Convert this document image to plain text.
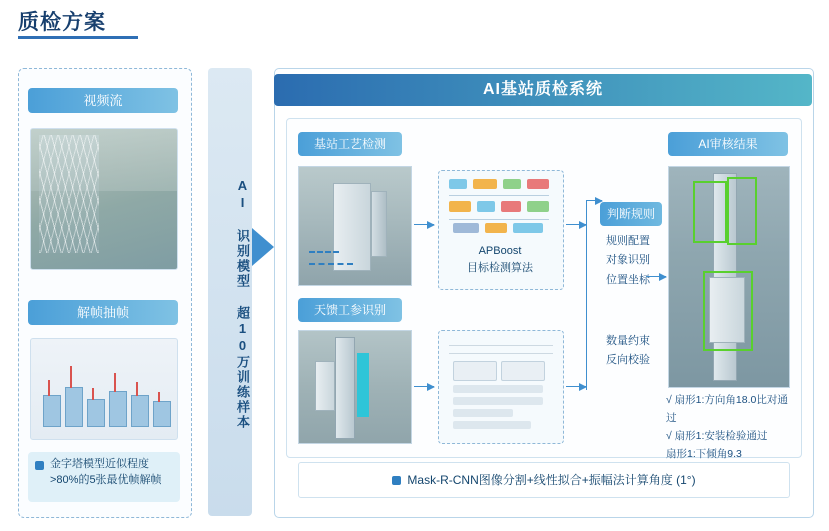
质检方案
视频流
解帧抽帧
金字塔模型近似程度
>80%的5张最优帧解帧
AI 识别模型 超10万训练样本
AI基站质检系统
基站工艺检测
天馈工参识别
AI审核结果
判断规则
APBoost
目标检测算法
规则配置
对象识别
位置坐标
数量约束
反向校验
√ 扇形1:方向角18.0比对通过
√ 扇形1:安装检验通过
扇形1:下倾角9.3
Mask-R-CNN图像分割+线性拟合+振幅法计算角度 (1°)
